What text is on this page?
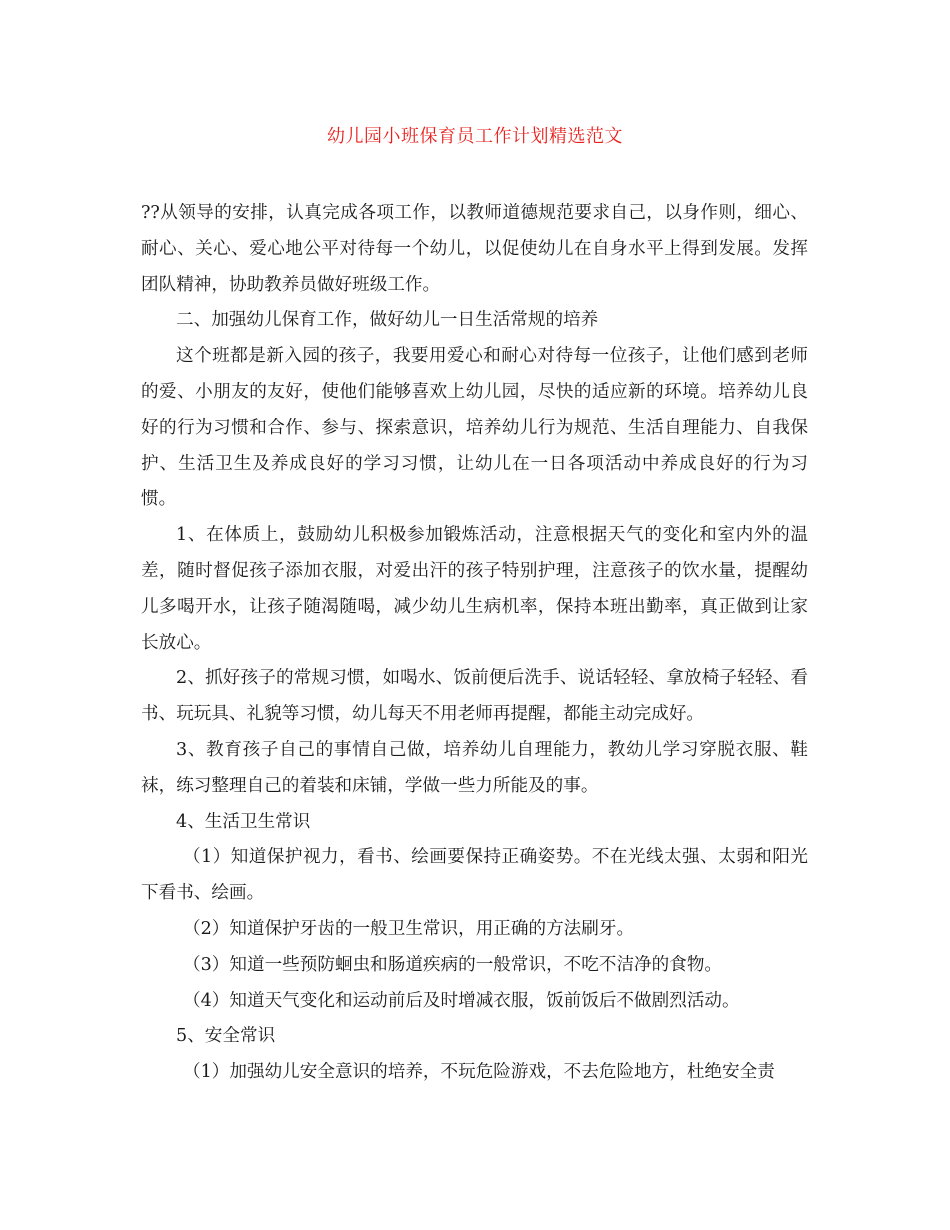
幼儿园小班保育员工作计划精选范文

??从领导的安排，认真完成各项工作，以教师道德规范要求自己，以身作则，细心、耐心、关心、爱心地公平对待每一个幼儿，以促使幼儿在自身水平上得到发展。发挥团队精神，协助教养员做好班级工作。

二、加强幼儿保育工作，做好幼儿一日生活常规的培养

这个班都是新入园的孩子，我要用爱心和耐心对待每一位孩子，让他们感到老师的爱、小朋友的友好，使他们能够喜欢上幼儿园，尽快的适应新的环境。培养幼儿良好的行为习惯和合作、参与、探索意识，培养幼儿行为规范、生活自理能力、自我保护、生活卫生及养成良好的学习习惯，让幼儿在一日各项活动中养成良好的行为习惯。

1、在体质上，鼓励幼儿积极参加锻炼活动，注意根据天气的变化和室内外的温差，随时督促孩子添加衣服，对爱出汗的孩子特别护理，注意孩子的饮水量，提醒幼儿多喝开水，让孩子随渴随喝，减少幼儿生病机率，保持本班出勤率，真正做到让家长放心。

2、抓好孩子的常规习惯，如喝水、饭前便后洗手、说话轻轻、拿放椅子轻轻、看书、玩玩具、礼貌等习惯，幼儿每天不用老师再提醒，都能主动完成好。

3、教育孩子自己的事情自己做，培养幼儿自理能力，教幼儿学习穿脱衣服、鞋袜，练习整理自己的着装和床铺，学做一些力所能及的事。

4、生活卫生常识

（1）知道保护视力，看书、绘画要保持正确姿势。不在光线太强、太弱和阳光下看书、绘画。

（2）知道保护牙齿的一般卫生常识，用正确的方法刷牙。

（3）知道一些预防蛔虫和肠道疾病的一般常识，不吃不洁净的食物。

（4）知道天气变化和运动前后及时增减衣服，饭前饭后不做剧烈活动。

5、安全常识

（1）加强幼儿安全意识的培养，不玩危险游戏，不去危险地方，杜绝安全责
